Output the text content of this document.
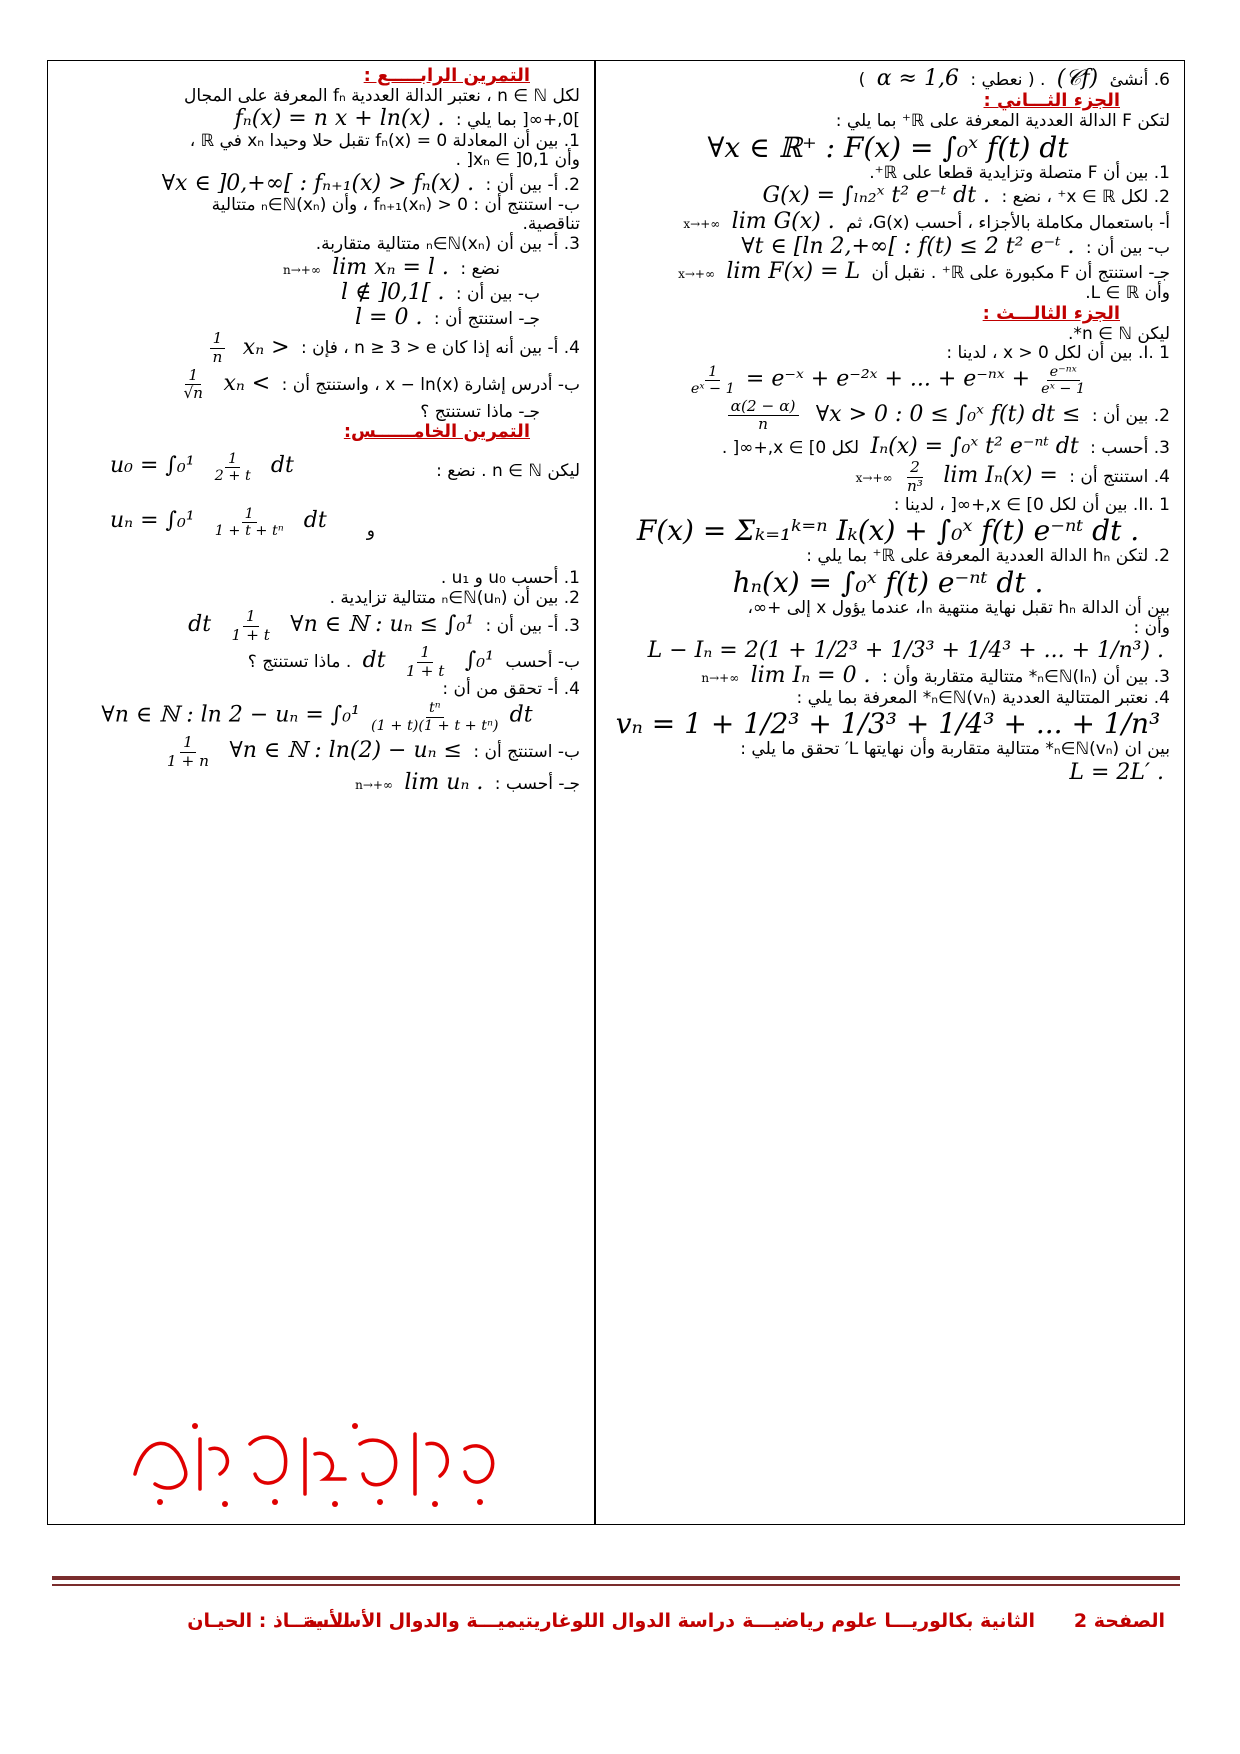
6. أنشئ (𝒞f) . ( نعطي : α ≈ 1,6 )

الجزء الثـــاني :

لتكن F الدالة العددية المعرفة على ℝ⁺ بما يلي :

∀x ∈ ℝ⁺ : F(x) = ∫₀ˣ f(t) dt

1. بين أن F متصلة وتزايدية قطعا على ℝ⁺.

2. لكل x ∈ ℝ⁺ ، نضع : G(x) = ∫ₗₙ₂ˣ t² e⁻ᵗ dt .

أ- باستعمال مكاملة بالأجزاء ، أحسب G(x)، ثم lim G(x) . x→+∞

ب- بين أن : ∀t ∈ [ln 2,+∞[ : f(t) ≤ 2 t² e⁻ᵗ .

جـ- استنتج أن F مكبورة على ℝ⁺ . نقبل أن lim F(x) = L x→+∞

وأن L ∈ ℝ.

الجزء الثالـــث :

ليكن n ∈ ℕ*.

I. 1. بين أن لكل x > 0 ، لدينا :

$\frac{1}{\text{eˣ − 1}}$ = e⁻ˣ + e⁻²ˣ + ... + e⁻ⁿˣ + $\frac{\text{e⁻ⁿˣ}}{\text{eˣ − 1}}$

2. بين أن : ∀x > 0 : 0 ≤ ∫₀ˣ f(t) dt ≤
$\frac{\alpha(2 - \alpha)}{n}$

3. أحسب : Iₙ(x) = ∫₀ˣ t² e⁻ⁿᵗ dt لكل x ∈ [0,+∞[ .

4. استنتج أن : lim Iₙ(x) =
$\frac{2}{\text{n³}}$
x→+∞

II. 1. بين أن لكل x ∈ [0,+∞[ ، لدينا :

F(x) = Σₖ₌₁ᵏ⁼ⁿ Iₖ(x) + ∫₀ˣ f(t) e⁻ⁿᵗ dt .

2. لتكن hₙ الدالة العددية المعرفة على ℝ⁺ بما يلي :

hₙ(x) = ∫₀ˣ f(t) e⁻ⁿᵗ dt .

بين أن الدالة hₙ تقبل نهاية منتهية Iₙ، عندما يؤول x إلى +∞،

وأن : L − Iₙ = 2(1 + 1/2³ + 1/3³ + 1/4³ + ... + 1/n³) .

3. بين أن (Iₙ)ₙ∈ℕ* متتالية متقاربة وأن : lim Iₙ = 0 . n→+∞

4. نعتبر المتتالية العددية (vₙ)ₙ∈ℕ* المعرفة بما يلي :

vₙ = 1 + 1/2³ + 1/3³ + 1/4³ + ... + 1/n³

بين ان (vₙ)ₙ∈ℕ* متتالية متقاربة وأن نهايتها L′ تحقق ما يلي :

L = 2L′ .

التمرين الرابـــــع :

لكل n ∈ ℕ ، نعتبر الدالة العددية fₙ المعرفة على المجال

]0,+∞[ بما يلي : fₙ(x) = n x + ln(x) .

1. بين أن المعادلة fₙ(x) = 0 تقبل حلا وحيدا xₙ في ℝ ،

وأن xₙ ∈ ]0,1[ .

2. أ- بين أن : ∀x ∈ ]0,+∞[ : fₙ₊₁(x) > fₙ(x) .

ب- استنتج أن : fₙ₊₁(xₙ) > 0 ، وأن (xₙ)ₙ∈ℕ متتالية

تناقصية.

3. أ- بين أن (xₙ)ₙ∈ℕ متتالية متقاربة.

نضع : lim xₙ = l . n→+∞

ب- بين أن : l ∉ ]0,1[ .

جـ- استنتج أن : l = 0 .

4. أ- بين أنه إذا كان n ≥ 3 > e ، فإن : xₙ >
$\frac{1}{n}$

ب- أدرس إشارة x − ln(x) ، واستنتج أن : xₙ <
$\frac{1}{√n}$

جـ- ماذا تستنتج ؟

التمرين الخامــــــس:

ليكن n ∈ ℕ . نضع :
و
$u_0 = \int_0^1 \frac{1}{2 + t}$ dt
$u_n = \int_0^1 \frac{1}{\text{1 + t + tⁿ}}$ dt

1. أحسب u₀ و u₁ .

2. بين أن (uₙ)ₙ∈ℕ متتالية تزايدية .

3. أ- بين أن : ∀n ∈ ℕ : uₙ ≤ ∫₀¹
$\frac{1}{1 + t}$
dt

ب- أحسب ∫₀¹
$\frac{1}{1 + t}$
dt . ماذا تستنتج ؟

4. أ- تحقق من أن :

∀n ∈ ℕ : $\ln 2 - u_n = \int_0^1 \frac{\text{tⁿ}}{\text{(1 + t)(1 + t + tⁿ)}}$ dt

ب- استنتج أن : ∀n ∈ ℕ : ln(2) − uₙ ≤
$\frac{1}{1 + n}$

جـ- أحسب : lim uₙ . n→+∞

بالتوفيق إن شاء الله
الصفحة 2
الثانية بكالوريـــا علوم رياضيـــة
دراسة الدوال اللوغاريتيميـــة والدوال الأســـية
الأستــاذ : الحيـان
